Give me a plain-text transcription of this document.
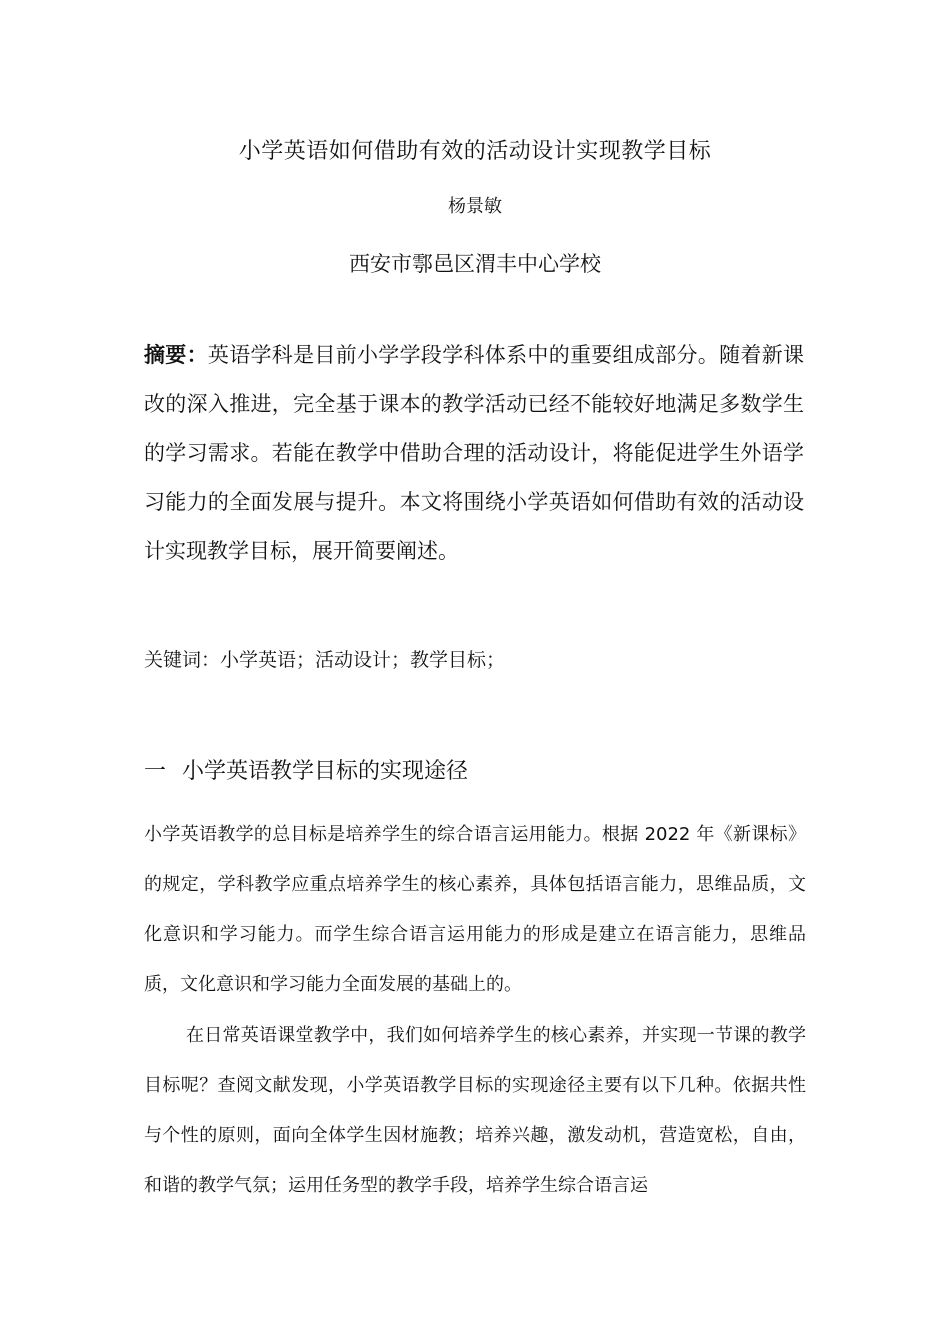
小学英语如何借助有效的活动设计实现教学目标
杨景敏
西安市鄠邑区渭丰中心学校
摘要：英语学科是目前小学学段学科体系中的重要组成部分。随着新课改的深入推进，完全基于课本的教学活动已经不能较好地满足多数学生的学习需求。若能在教学中借助合理的活动设计，将能促进学生外语学习能力的全面发展与提升。本文将围绕小学英语如何借助有效的活动设计实现教学目标，展开简要阐述。
关键词：小学英语；活动设计；教学目标；
一 小学英语教学目标的实现途径
小学英语教学的总目标是培养学生的综合语言运用能力。根据 2022 年《新课标》的规定，学科教学应重点培养学生的核心素养，具体包括语言能力，思维品质，文化意识和学习能力。而学生综合语言运用能力的形成是建立在语言能力，思维品质，文化意识和学习能力全面发展的基础上的。
在日常英语课堂教学中，我们如何培养学生的核心素养，并实现一节课的教学目标呢？查阅文献发现，小学英语教学目标的实现途径主要有以下几种。依据共性与个性的原则，面向全体学生因材施教；培养兴趣，激发动机，营造宽松，自由，和谐的教学气氛；运用任务型的教学手段，培养学生综合语言运
